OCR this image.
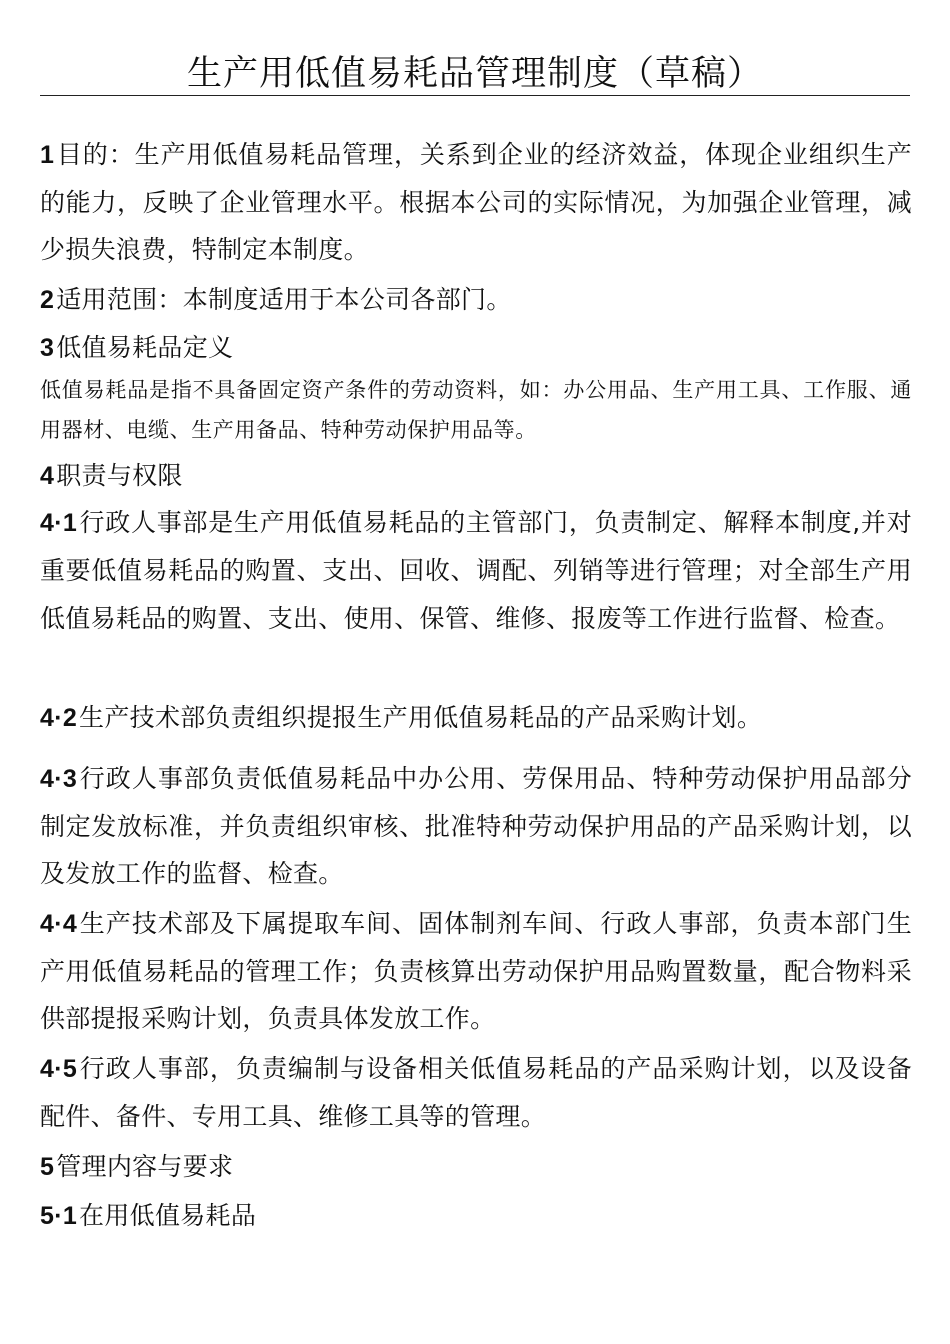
生产用低值易耗品管理制度（草稿）

1目的：生产用低值易耗品管理，关系到企业的经济效益，体现企业组织生产的能力，反映了企业管理水平。根据本公司的实际情况，为加强企业管理，减少损失浪费，特制定本制度。

2适用范围：本制度适用于本公司各部门。

3低值易耗品定义

低值易耗品是指不具备固定资产条件的劳动资料，如：办公用品、生产用工具、工作服、通用器材、电缆、生产用备品、特种劳动保护用品等。

4职责与权限

4·1行政人事部是生产用低值易耗品的主管部门，负责制定、解释本制度,并对重要低值易耗品的购置、支出、回收、调配、列销等进行管理；对全部生产用低值易耗品的购置、支出、使用、保管、维修、报废等工作进行监督、检查。

4·2生产技术部负责组织提报生产用低值易耗品的产品采购计划。

4·3行政人事部负责低值易耗品中办公用、劳保用品、特种劳动保护用品部分制定发放标准，并负责组织审核、批准特种劳动保护用品的产品采购计划，以及发放工作的监督、检查。

4·4生产技术部及下属提取车间、固体制剂车间、行政人事部，负责本部门生产用低值易耗品的管理工作；负责核算出劳动保护用品购置数量，配合物料采供部提报采购计划，负责具体发放工作。

4·5行政人事部，负责编制与设备相关低值易耗品的产品采购计划，以及设备配件、备件、专用工具、维修工具等的管理。

5管理内容与要求

5·1在用低值易耗品
